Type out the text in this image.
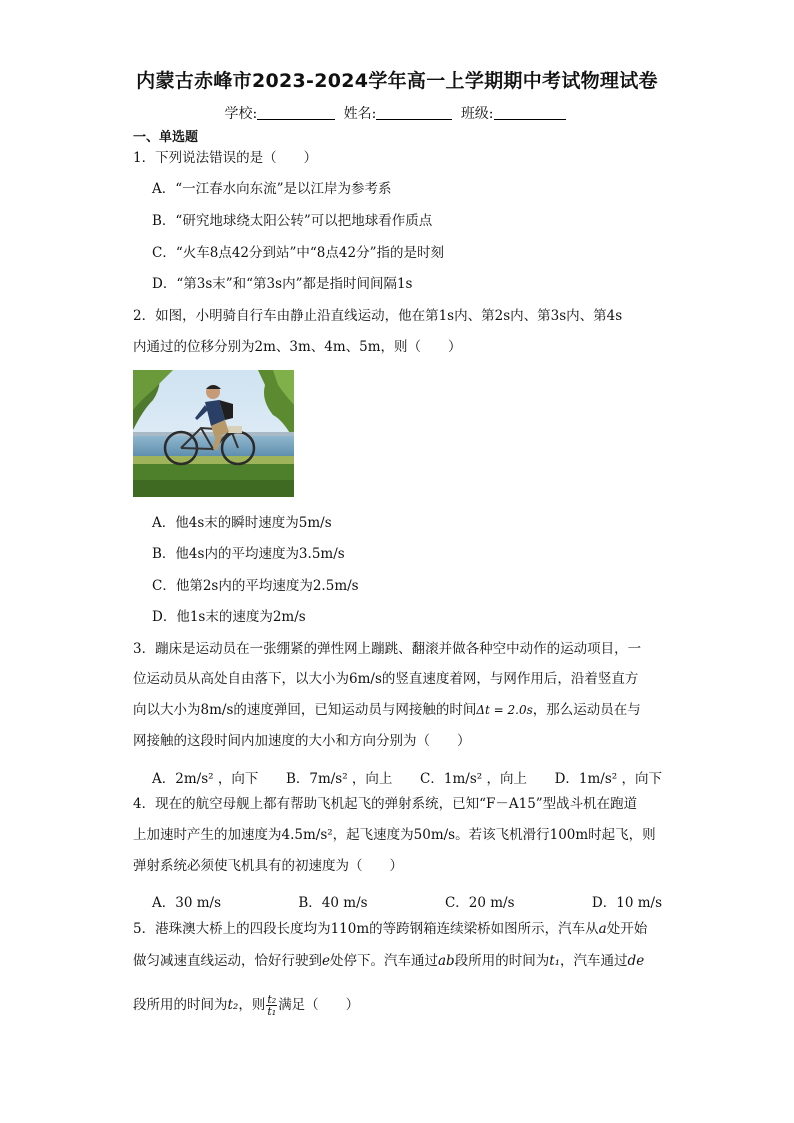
内蒙古赤峰市2023-2024学年高一上学期期中考试物理试卷
学校:	姓名:	班级:
一、单选题
1．下列说法错误的是（　　）
A．“一江春水向东流”是以江岸为参考系
B．“研究地球绕太阳公转”可以把地球看作质点
C．“火车8点42分到站”中“8点42分”指的是时刻
D．“第3s末”和“第3s内”都是指时间间隔1s
2．如图，小明骑自行车由静止沿直线运动，他在第1s内、第2s内、第3s内、第4s
内通过的位移分别为2m、3m、4m、5m，则（　　）
A．他4s末的瞬时速度为5m/s
B．他4s内的平均速度为3.5m/s
C．他第2s内的平均速度为2.5m/s
D．他1s末的速度为2m/s
3．蹦床是运动员在一张绷紧的弹性网上蹦跳、翻滚并做各种空中动作的运动项目，一
位运动员从高处自由落下，以大小为6m/s的竖直速度着网，与网作用后，沿着竖直方
向以大小为8m/s的速度弹回，已知运动员与网接触的时间Δt = 2.0s，那么运动员在与
网接触的这段时间内加速度的大小和方向分别为（　　）
A．2m/s² ，向下 B．7m/s² ，向上 C．1m/s² ，向上 D．1m/s² ，向下
4．现在的航空母舰上都有帮助飞机起飞的弹射系统，已知“F－A15”型战斗机在跑道
上加速时产生的加速度为4.5m/s²，起飞速度为50m/s。若该飞机滑行100m时起飞，则
弹射系统必须使飞机具有的初速度为（　　）
A．30 m/s	B．40 m/s	C．20 m/s	D．10 m/s
5．港珠澳大桥上的四段长度均为110m的等跨钢箱连续梁桥如图所示，汽车从a处开始
做匀减速直线运动，恰好行驶到e处停下。汽车通过ab段所用的时间为t₁，汽车通过de
段所用的时间为t₂，则 $\frac{\text{t₂}}{\text{t₁}}$ 满足（　　）
